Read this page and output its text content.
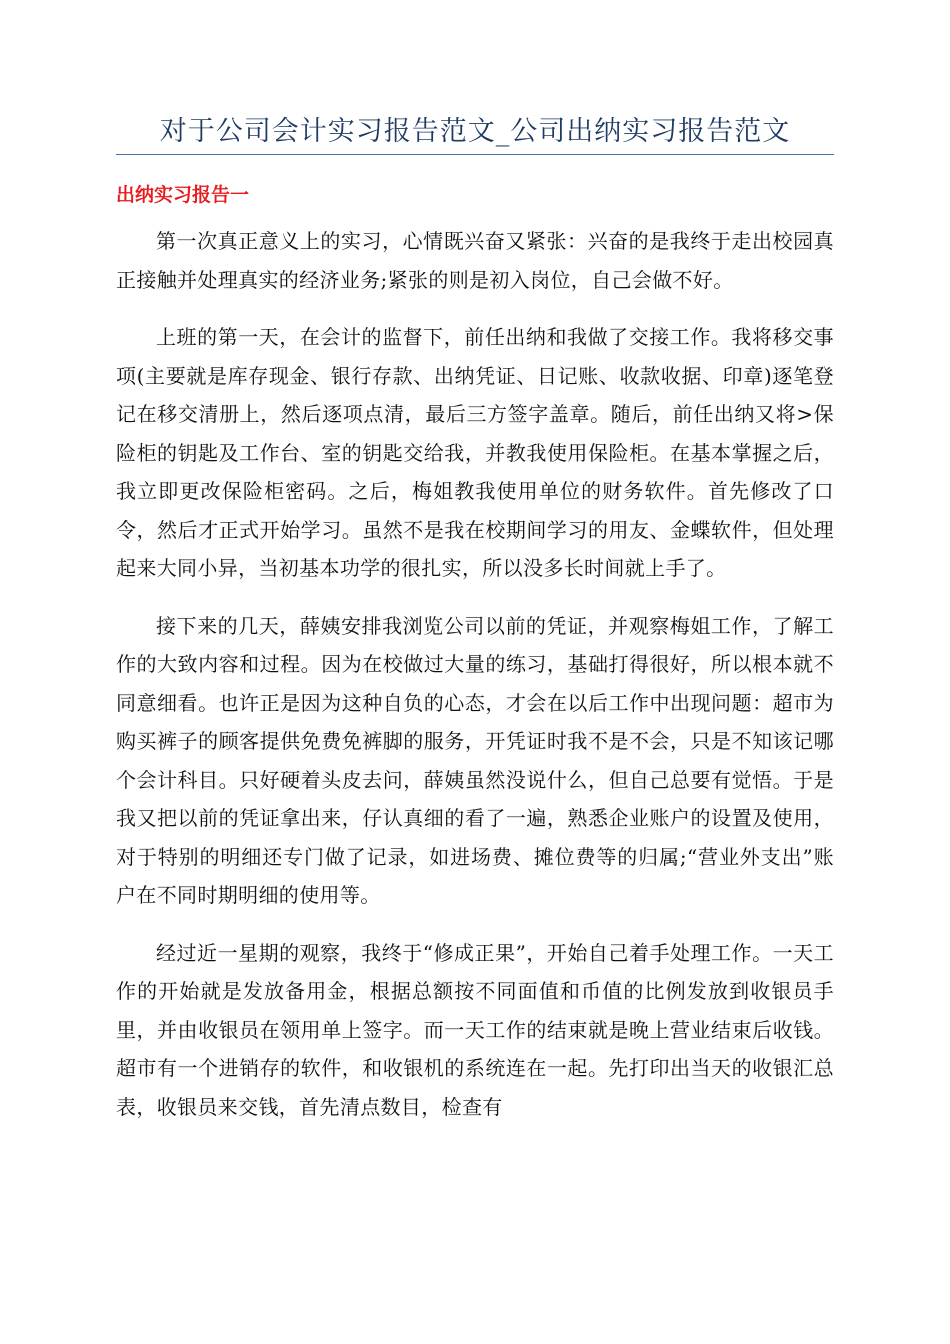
对于公司会计实习报告范文_公司出纳实习报告范文
出纳实习报告一

第一次真正意义上的实习，心情既兴奋又紧张：兴奋的是我终于走出校园真正接触并处理真实的经济业务;紧张的则是初入岗位，自己会做不好。

上班的第一天，在会计的监督下，前任出纳和我做了交接工作。我将移交事项(主要就是库存现金、银行存款、出纳凭证、日记账、收款收据、印章)逐笔登记在移交清册上，然后逐项点清，最后三方签字盖章。随后，前任出纳又将>保险柜的钥匙及工作台、室的钥匙交给我，并教我使用保险柜。在基本掌握之后，我立即更改保险柜密码。之后，梅姐教我使用单位的财务软件。首先修改了口令，然后才正式开始学习。虽然不是我在校期间学习的用友、金蝶软件，但处理起来大同小异，当初基本功学的很扎实，所以没多长时间就上手了。

接下来的几天，薛姨安排我浏览公司以前的凭证，并观察梅姐工作，了解工作的大致内容和过程。因为在校做过大量的练习，基础打得很好，所以根本就不同意细看。也许正是因为这种自负的心态，才会在以后工作中出现问题：超市为购买裤子的顾客提供免费免裤脚的服务，开凭证时我不是不会，只是不知该记哪个会计科目。只好硬着头皮去问，薛姨虽然没说什么，但自己总要有觉悟。于是我又把以前的凭证拿出来，仔认真细的看了一遍，熟悉企业账户的设置及使用，对于特别的明细还专门做了记录，如进场费、摊位费等的归属;“营业外支出”账户在不同时期明细的使用等。

经过近一星期的观察，我终于“修成正果”，开始自己着手处理工作。一天工作的开始就是发放备用金，根据总额按不同面值和币值的比例发放到收银员手里，并由收银员在领用单上签字。而一天工作的结束就是晚上营业结束后收钱。超市有一个进销存的软件，和收银机的系统连在一起。先打印出当天的收银汇总表，收银员来交钱，首先清点数目，检查有
